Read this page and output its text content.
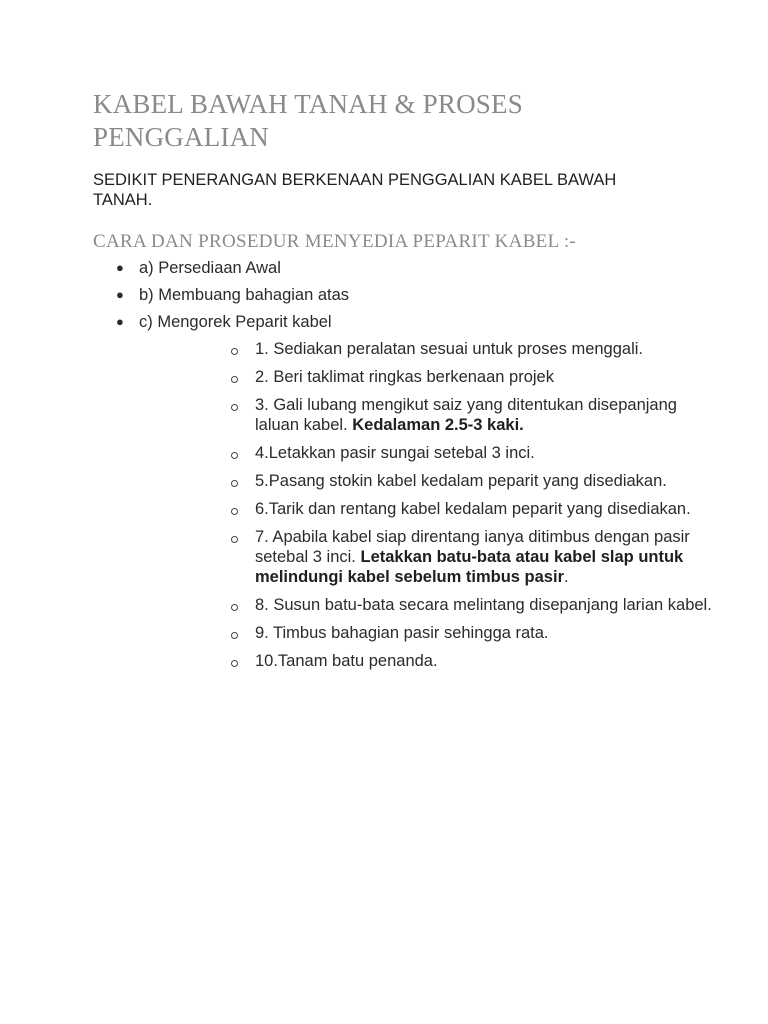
KABEL BAWAH TANAH & PROSES PENGGALIAN

SEDIKIT PENERANGAN BERKENAAN PENGGALIAN KABEL BAWAH TANAH.

CARA DAN PROSEDUR MENYEDIA PEPARIT KABEL :-
● a) Persediaan Awal
● b) Membuang bahagian atas
● c) Mengorek Peparit kabel
1. Sediakan peralatan sesuai untuk proses menggali.
2. Beri taklimat ringkas berkenaan projek
3. Gali lubang mengikut saiz yang ditentukan disepanjang laluan kabel. Kedalaman 2.5-3 kaki.
4.Letakkan pasir sungai setebal 3 inci.
5.Pasang stokin kabel kedalam peparit yang disediakan.
6.Tarik dan rentang kabel kedalam peparit yang disediakan.
7. Apabila kabel siap direntang ianya ditimbus dengan pasir setebal 3 inci. Letakkan batu-bata atau kabel slap untuk melindungi kabel sebelum timbus pasir.
8. Susun batu-bata secara melintang disepanjang larian kabel.
9. Timbus bahagian pasir sehingga rata.
10.Tanam batu penanda.
